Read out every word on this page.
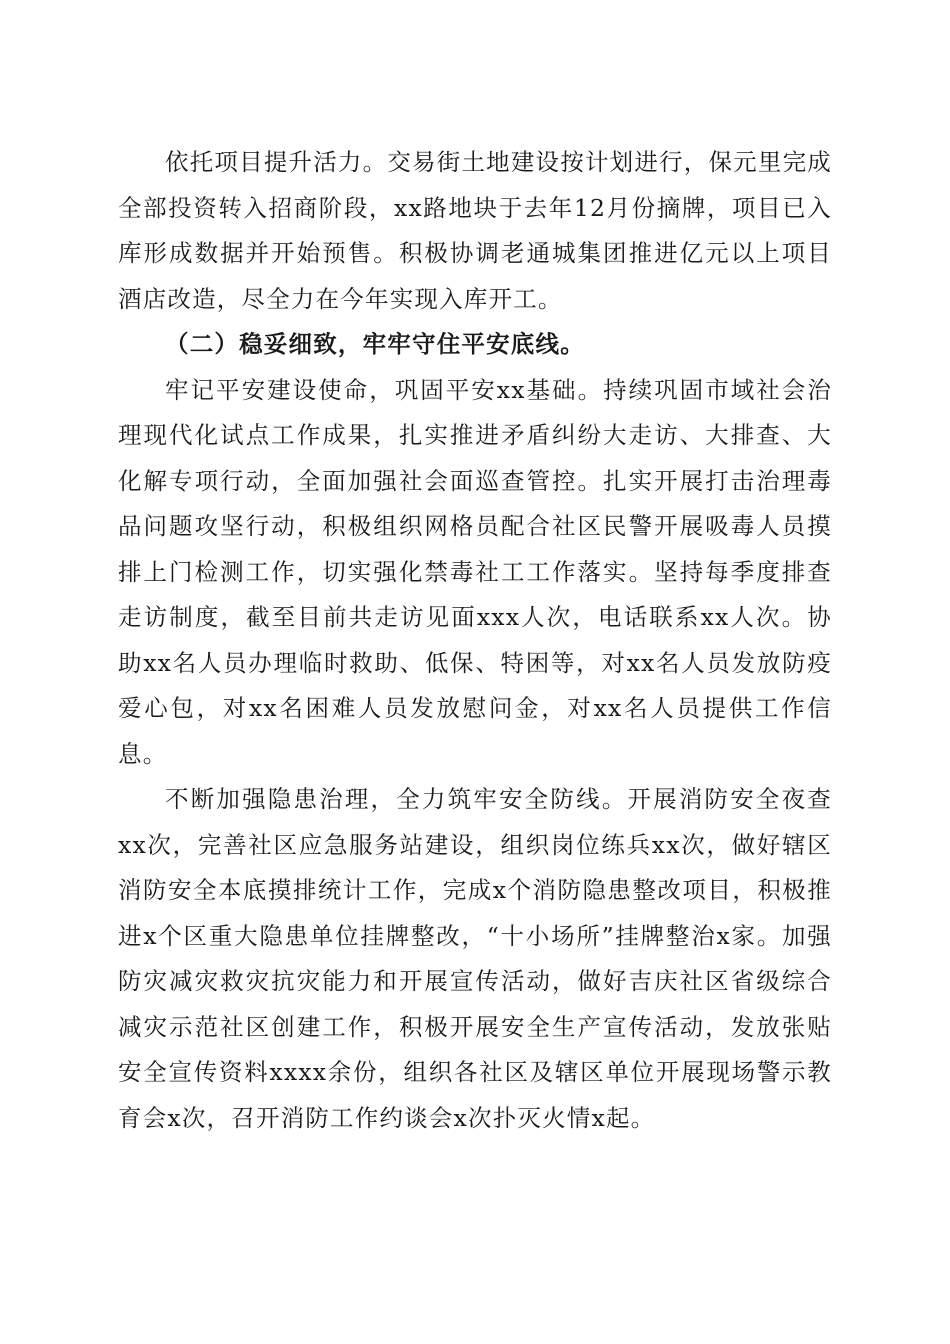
依托项目提升活力。交易街土地建设按计划进行，保元里完成全部投资转入招商阶段，xx路地块于去年12月份摘牌，项目已入库形成数据并开始预售。积极协调老通城集团推进亿元以上项目酒店改造，尽全力在今年实现入库开工。

（二）稳妥细致，牢牢守住平安底线。

牢记平安建设使命，巩固平安xx基础。持续巩固市域社会治理现代化试点工作成果，扎实推进矛盾纠纷大走访、大排查、大化解专项行动，全面加强社会面巡查管控。扎实开展打击治理毒品问题攻坚行动，积极组织网格员配合社区民警开展吸毒人员摸排上门检测工作，切实强化禁毒社工工作落实。坚持每季度排查走访制度，截至目前共走访见面xxx人次，电话联系xx人次。协助xx名人员办理临时救助、低保、特困等，对xx名人员发放防疫爱心包，对xx名困难人员发放慰问金，对xx名人员提供工作信息。

不断加强隐患治理，全力筑牢安全防线。开展消防安全夜查xx次，完善社区应急服务站建设，组织岗位练兵xx次，做好辖区消防安全本底摸排统计工作，完成x个消防隐患整改项目，积极推进x个区重大隐患单位挂牌整改，“十小场所”挂牌整治x家。加强防灾减灾救灾抗灾能力和开展宣传活动，做好吉庆社区省级综合减灾示范社区创建工作，积极开展安全生产宣传活动，发放张贴安全宣传资料xxxx余份，组织各社区及辖区单位开展现场警示教育会x次，召开消防工作约谈会x次扑灭火情x起。
